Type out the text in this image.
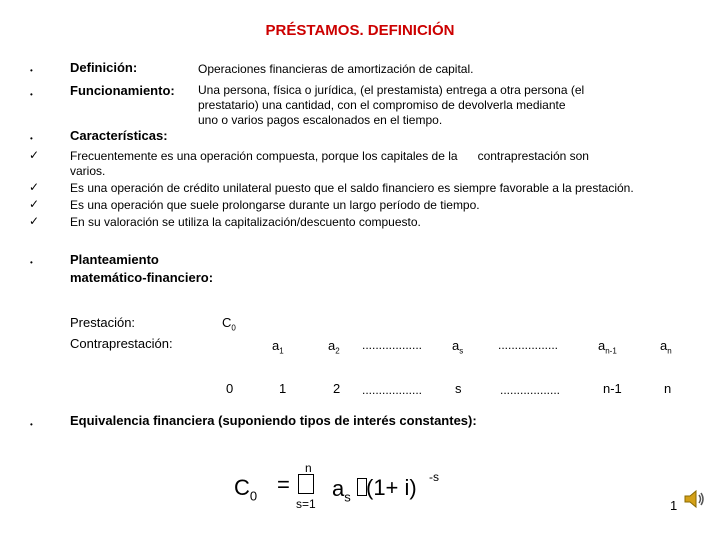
PRÉSTAMOS. DEFINICIÓN
•	Definición:	Operaciones financieras de amortización de capital.
•	Funcionamiento: Una persona, física o jurídica, (el prestamista) entrega a otra persona (el
prestatario) una cantidad, con el compromiso de devolverla mediante
uno o varios pagos escalonados en el tiempo.
•	Características:
✓	Frecuentemente es una operación compuesta, porque los capitales de la      contraprestación son
varios.
✓	Es una operación de crédito unilateral puesto que el saldo financiero es siempre favorable a la prestación.
✓	Es una operación que suele prolongarse durante un largo período de tiempo.
✓	En su valoración se utiliza la capitalización/descuento compuesto.
•	Planteamiento
matemático-financiero:
Prestación:	$C_0$
Contraprestación:	$a_1$	$a_2$ .................. $a_s$	..................	$a_{n-1}$	$a_n$
0	1	2 ..................	s	..................	n-1	n
•	Equivalencia financiera (suponiendo tipos de interés constantes):
$C_0$ =
n
s=1
$a_s$ (1+ i) -s
1
